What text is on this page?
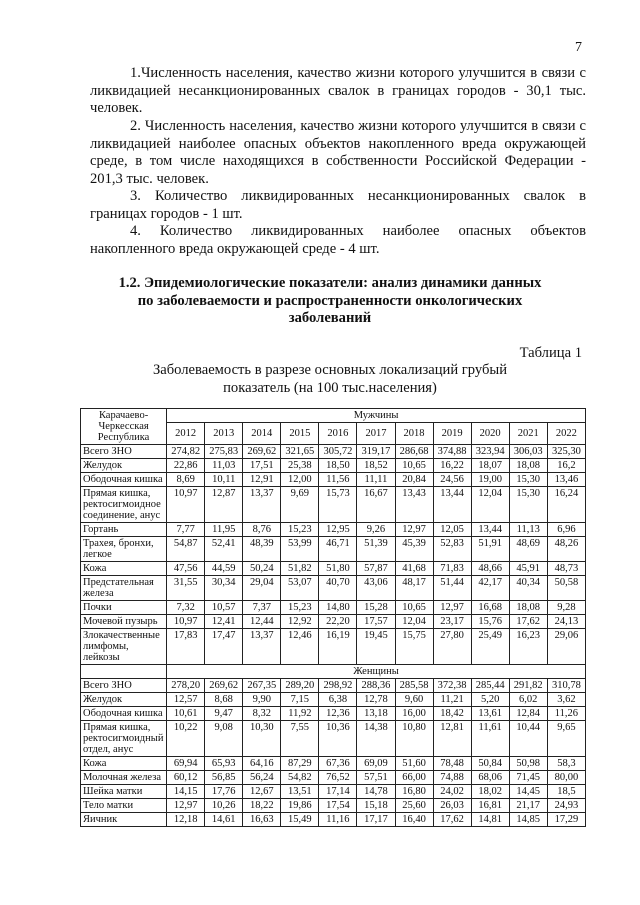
7

1.Численность населения, качество жизни которого улучшится в связи с ликвидацией несанкционированных свалок в границах городов - 30,1 тыс. человек.

2. Численность населения, качество жизни которого улучшится в связи с ликвидацией наиболее опасных объектов накопленного вреда окружающей среде, в том числе находящихся в собственности Российской Федерации - 201,3 тыс. человек.

3. Количество ликвидированных несанкционированных свалок в границах городов - 1 шт.

4. Количество ликвидированных наиболее опасных объектов накопленного вреда окружающей среде - 4 шт.

1.2. Эпидемиологические показатели: анализ динамики данных по заболеваемости и распространенности онкологических заболеваний
Таблица 1

Заболеваемость в разрезе основных локализаций грубый показатель (на 100 тыс.населения)

Карачаево-Черкесская Республика	Мужчины										
	2012	2013	2014	2015	2016	2017	2018	2019	2020	2021	2022
Всего ЗНО	274,82	275,83	269,62	321,65	305,72	319,17	286,68	374,88	323,94	306,03	325,30
Желудок	22,86	11,03	17,51	25,38	18,50	18,52	10,65	16,22	18,07	18,08	16,2
Ободочная кишка	8,69	10,11	12,91	12,00	11,56	11,11	20,84	24,56	19,00	15,30	13,46
Прямая кишка, ректосигмоидное соединение, анус	10,97	12,87	13,37	9,69	15,73	16,67	13,43	13,44	12,04	15,30	16,24
Гортань	7,77	11,95	8,76	15,23	12,95	9,26	12,97	12,05	13,44	11,13	6,96
Трахея, бронхи, легкое	54,87	52,41	48,39	53,99	46,71	51,39	45,39	52,83	51,91	48,69	48,26
Кожа	47,56	44,59	50,24	51,82	51,80	57,87	41,68	71,83	48,66	45,91	48,73
Предстательная железа	31,55	30,34	29,04	53,07	40,70	43,06	48,17	51,44	42,17	40,34	50,58
Почки	7,32	10,57	7,37	15,23	14,80	15,28	10,65	12,97	16,68	18,08	9,28
Мочевой пузырь	10,97	12,41	12,44	12,92	22,20	17,57	12,04	23,17	15,76	17,62	24,13
Злокачественные лимфомы, лейкозы	17,83	17,47	13,37	12,46	16,19	19,45	15,75	27,80	25,49	16,23	29,06
	Женщины										
Всего ЗНО	278,20	269,62	267,35	289,20	298,92	288,36	285,58	372,38	285,44	291,82	310,78
Желудок	12,57	8,68	9,90	7,15	6,38	12,78	9,60	11,21	5,20	6,02	3,62
Ободочная кишка	10,61	9,47	8,32	11,92	12,36	13,18	16,00	18,42	13,61	12,84	11,26
Прямая кишка, ректосигмоидный отдел, анус	10,22	9,08	10,30	7,55	10,36	14,38	10,80	12,81	11,61	10,44	9,65
Кожа	69,94	65,93	64,16	87,29	67,36	69,09	51,60	78,48	50,84	50,98	58,3
Молочная железа	60,12	56,85	56,24	54,82	76,52	57,51	66,00	74,88	68,06	71,45	80,00
Шейка матки	14,15	17,76	12,67	13,51	17,14	14,78	16,80	24,02	18,02	14,45	18,5
Тело матки	12,97	10,26	18,22	19,86	17,54	15,18	25,60	26,03	16,81	21,17	24,93
Яичник	12,18	14,61	16,63	15,49	11,16	17,17	16,40	17,62	14,81	14,85	17,29
